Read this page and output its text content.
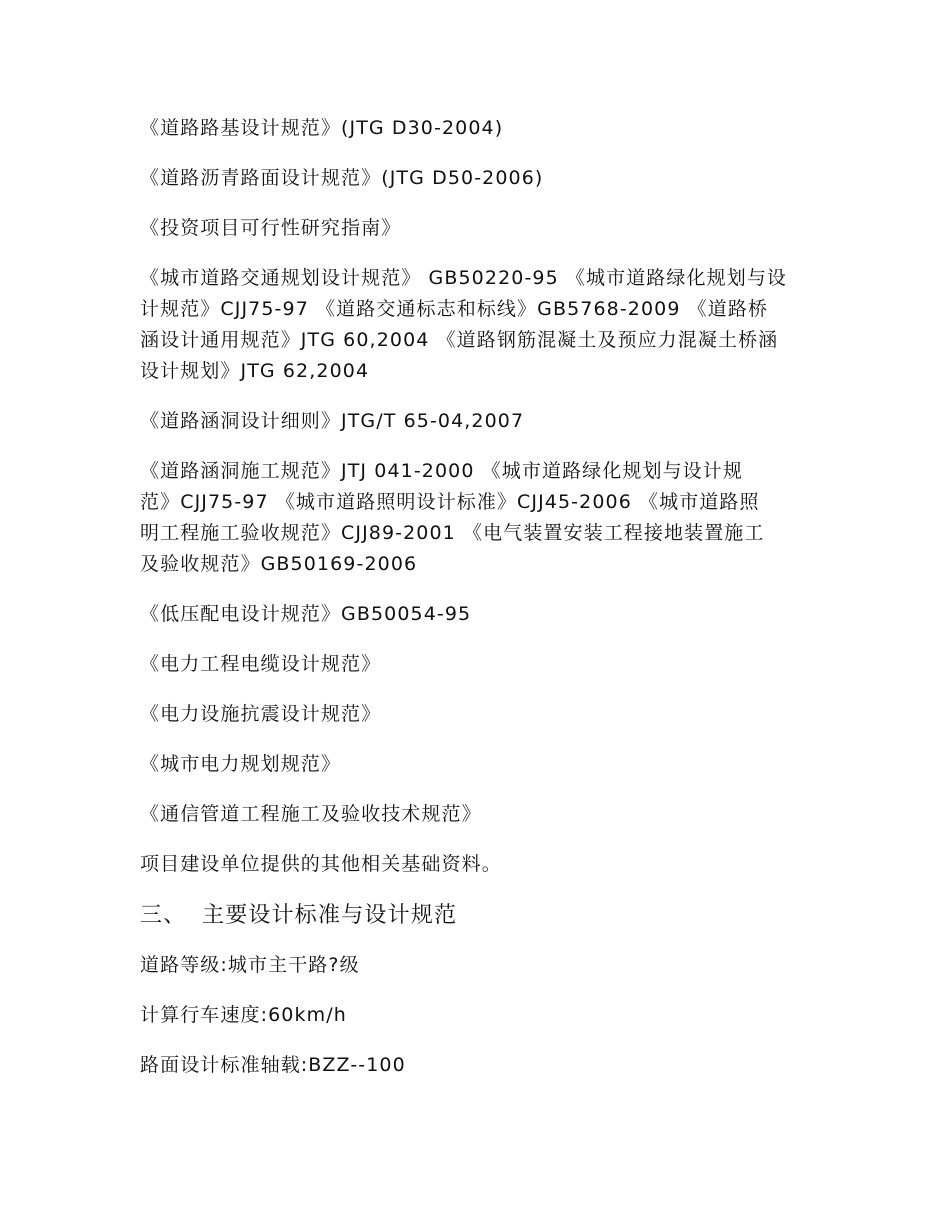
《道路路基设计规范》(JTG D30-2004)
《道路沥青路面设计规范》(JTG D50-2006)
《投资项目可行性研究指南》
《城市道路交通规划设计规范》 GB50220-95 《城市道路绿化规划与设
计规范》CJJ75-97 《道路交通标志和标线》GB5768-2009 《道路桥
涵设计通用规范》JTG 60,2004 《道路钢筋混凝土及预应力混凝土桥涵
设计规划》JTG 62,2004
《道路涵洞设计细则》JTG/T 65-04,2007
《道路涵洞施工规范》JTJ 041-2000 《城市道路绿化规划与设计规
范》CJJ75-97 《城市道路照明设计标准》CJJ45-2006 《城市道路照
明工程施工验收规范》CJJ89-2001 《电气装置安装工程接地装置施工
及验收规范》GB50169-2006
《低压配电设计规范》GB50054-95
《电力工程电缆设计规范》
《电力设施抗震设计规范》
《城市电力规划规范》
《通信管道工程施工及验收技术规范》
项目建设单位提供的其他相关基础资料。
三、 主要设计标准与设计规范
道路等级:城市主干路?级
计算行车速度:60km/h
路面设计标准轴载:BZZ--100
